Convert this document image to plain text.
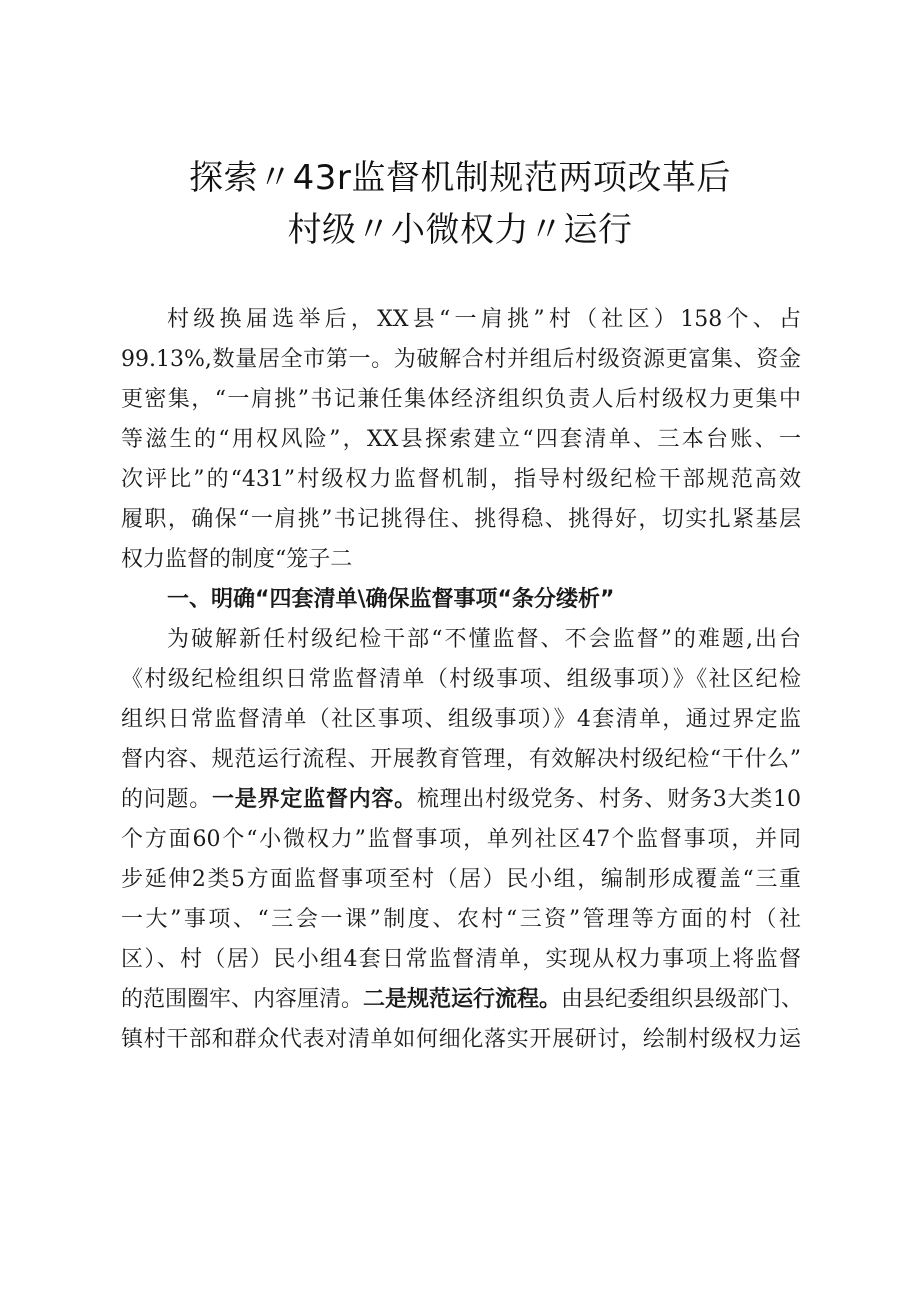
探索〃43r监督机制规范两项改革后
村级〃小微权力〃运行
村级换届选举后，XX县“一肩挑”村（社区）158个、占
99.13%,数量居全市第一。为破解合村并组后村级资源更富集、资金
更密集，“一肩挑”书记兼任集体经济组织负责人后村级权力更集中
等滋生的“用权风险”，XX县探索建立“四套清单、三本台账、一
次评比”的“431”村级权力监督机制，指导村级纪检干部规范高效
履职，确保“一肩挑”书记挑得住、挑得稳、挑得好，切实扎紧基层
权力监督的制度“笼子二
一、明确“四套清单\确保监督事项“条分缕析”
为破解新任村级纪检干部“不懂监督、不会监督”的难题,出台
《村级纪检组织日常监督清单（村级事项、组级事项）》《社区纪检
组织日常监督清单（社区事项、组级事项）》4套清单，通过界定监
督内容、规范运行流程、开展教育管理，有效解决村级纪检“干什么”
的问题。一是界定监督内容。梳理出村级党务、村务、财务3大类10
个方面60个“小微权力”监督事项，单列社区47个监督事项，并同
步延伸2类5方面监督事项至村（居）民小组，编制形成覆盖“三重
一大”事项、“三会一课”制度、农村“三资”管理等方面的村（社
区）、村（居）民小组4套日常监督清单，实现从权力事项上将监督
的范围圈牢、内容厘清。二是规范运行流程。由县纪委组织县级部门、
镇村干部和群众代表对清单如何细化落实开展研讨，绘制村级权力运
